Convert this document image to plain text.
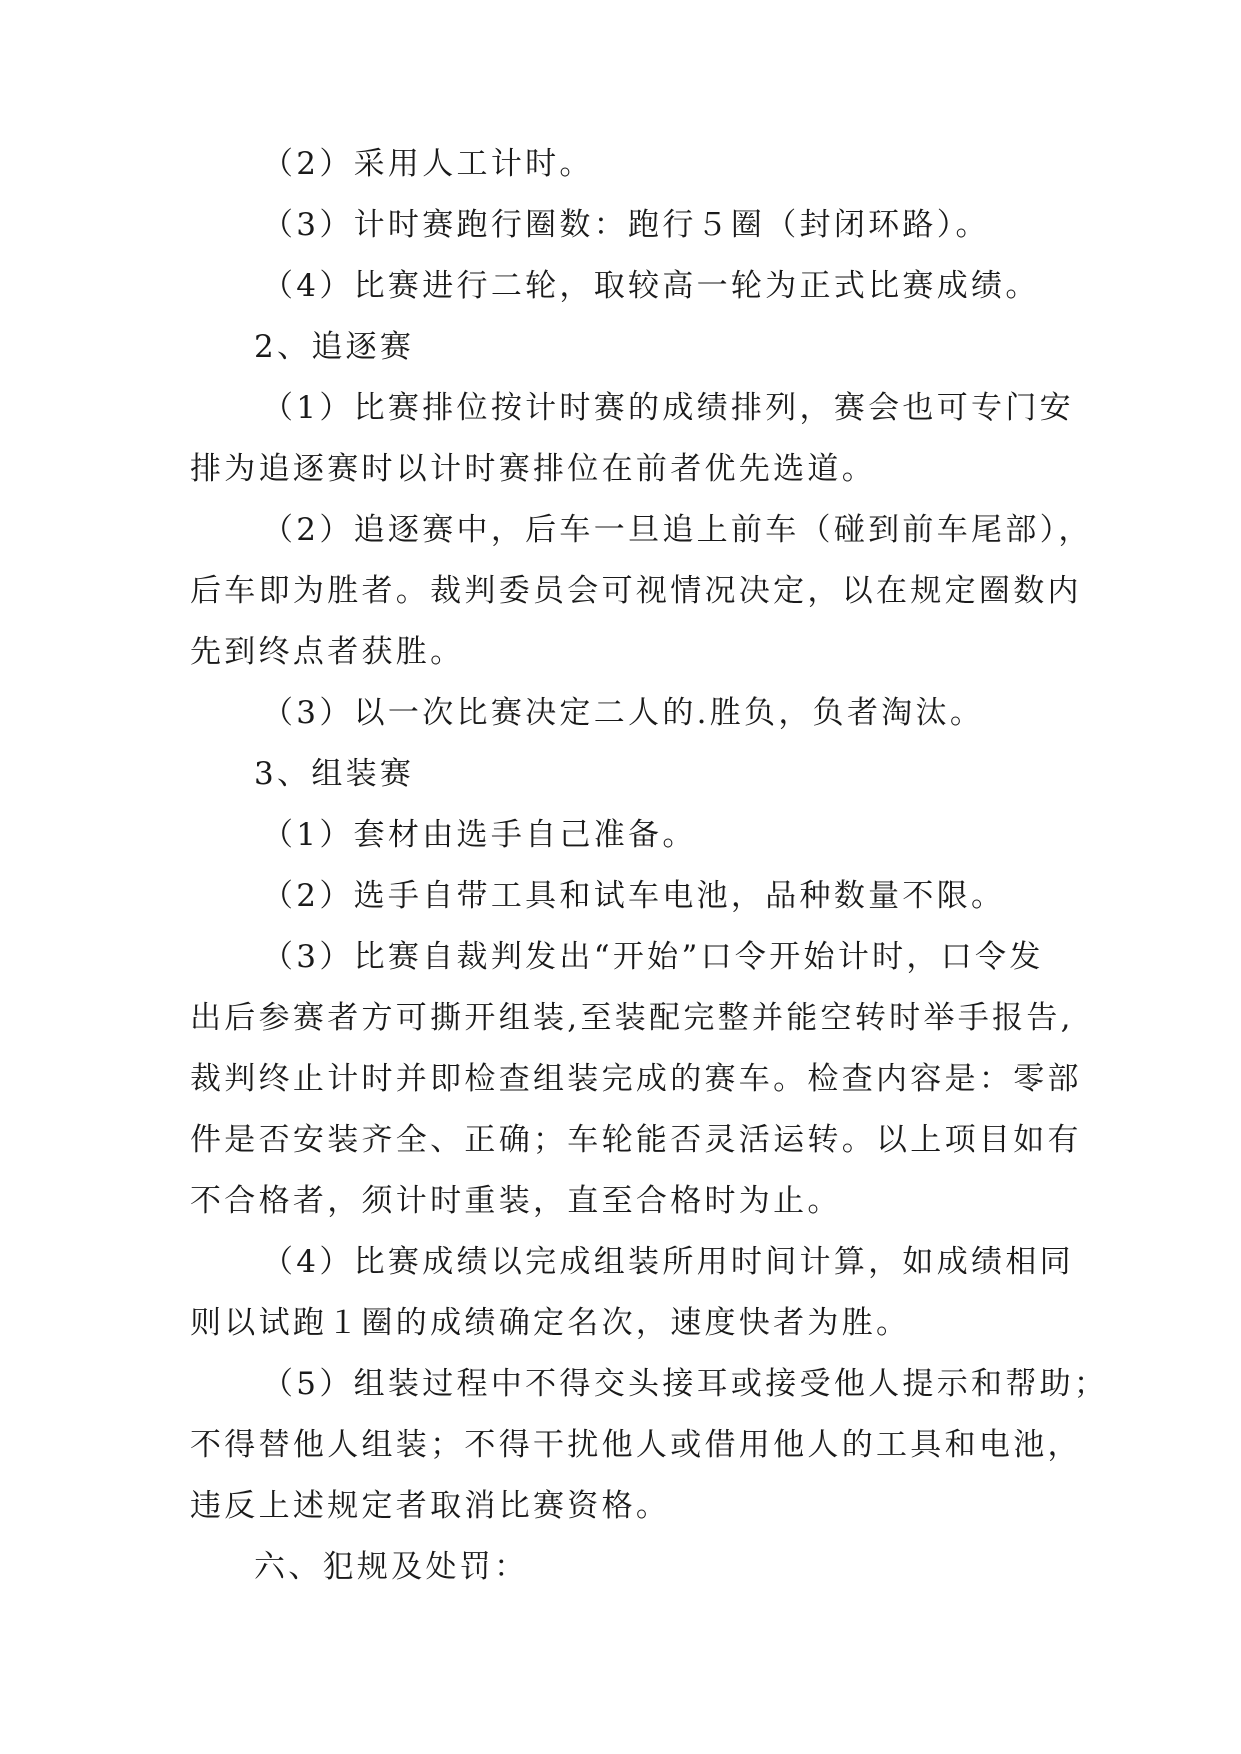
（2）采用人工计时。

（3）计时赛跑行圈数：跑行５圈（封闭环路）。

（4）比赛进行二轮，取较高一轮为正式比赛成绩。

2、追逐赛

（1）比赛排位按计时赛的成绩排列，赛会也可专门安

排为追逐赛时以计时赛排位在前者优先选道。

（2）追逐赛中，后车一旦追上前车（碰到前车尾部），

后车即为胜者。裁判委员会可视情况决定，以在规定圈数内

先到终点者获胜。

（3）以一次比赛决定二人的.胜负，负者淘汰。

3、组装赛

（1）套材由选手自己准备。

（2）选手自带工具和试车电池，品种数量不限。

（3）比赛自裁判发出“开始”口令开始计时，口令发

出后参赛者方可撕开组装,至装配完整并能空转时举手报告,

裁判终止计时并即检查组装完成的赛车。检查内容是：零部

件是否安装齐全、正确；车轮能否灵活运转。以上项目如有

不合格者，须计时重装，直至合格时为止。

（4）比赛成绩以完成组装所用时间计算，如成绩相同

则以试跑１圈的成绩确定名次，速度快者为胜。

（5）组装过程中不得交头接耳或接受他人提示和帮助；

不得替他人组装；不得干扰他人或借用他人的工具和电池，

违反上述规定者取消比赛资格。

六、犯规及处罚：
